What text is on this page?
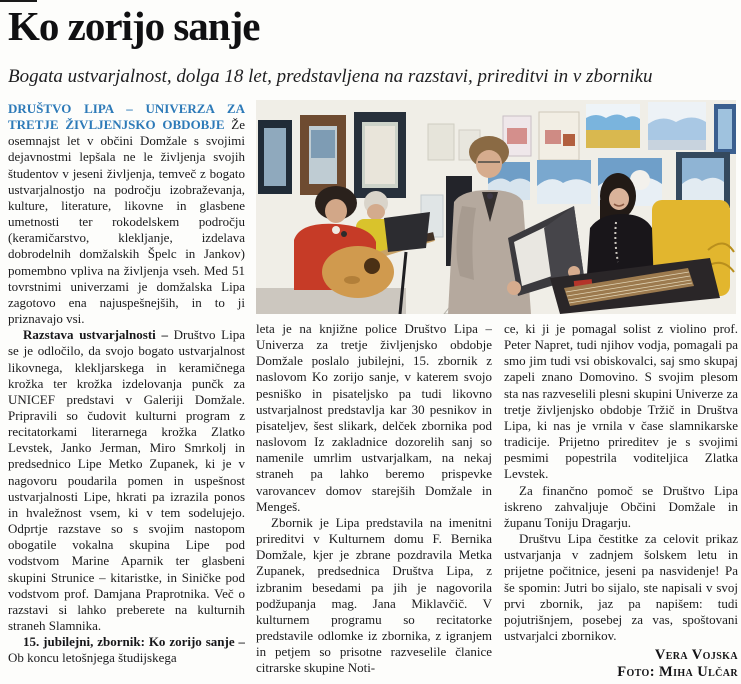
Ko zorijo sanje

Bogata ustvarjalnost, dolga 18 let, predstavljena na razstavi, prireditvi in v zborniku

DRUŠTVO LIPA – UNIVERZA ZA TRETJE ŽIVLJENJSKO OBDOBJE Že osemnajst let v občini Domžale s svojimi dejavnostmi lepšala ne le življenja svojih študentov v jeseni življenja, temveč z bogato ustvarjalnostjo na področju izobraževanja, kulture, literature, likovne in glasbene umetnosti ter rokodelskem področju (keramičarstvo, klekljanje, izdelava dobrodelnih domžalskih Špelc in Jankov) pomembno vpliva na življenja vseh. Med 51 tovrstnimi univerzami je domžalska Lipa zagotovo ena najuspešnejših, in to ji priznavajo vsi.

Razstava ustvarjalnosti – Društvo Lipa se je odločilo, da svojo bogato ustvarjalnost likovnega, klekljarskega in keramičnega krožka ter krožka izdelovanja punčk za UNICEF predstavi v Galeriji Domžale. Pripravili so čudovit kulturni program z recitatorkami literarnega krožka Zlatko Levstek, Janko Jerman, Miro Smrkolj in predsednico Lipe Metko Zupanek, ki je v nagovoru poudarila pomen in uspešnost ustvarjalnosti Lipe, hkrati pa izrazila ponos in hvaležnost vsem, ki v tem sodelujejo. Odprtje razstave so s svojim nastopom obogatile vokalna skupina Lipe pod vodstvom Marine Aparnik ter glasbeni skupini Strunice – kitaristke, in Siničke pod vodstvom prof. Damjana Praprotnika. Več o razstavi si lahko preberete na kulturnih straneh Slamnika.

15. jubilejni, zbornik: Ko zorijo sanje – Ob koncu letošnjega študijskega

leta je na knjižne police Društvo Lipa – Univerza za tretje življenjsko obdobje Domžale poslalo jubilejni, 15. zbornik z naslovom Ko zorijo sanje, v katerem svojo pesniško in pisateljsko pa tudi likovno ustvarjalnost predstavlja kar 30 pesnikov in pisateljev, šest slikark, delček zbornika pod naslovom Iz zakladnice dozorelih sanj so namenile umrlim ustvarjalkam, na nekaj straneh pa lahko beremo prispevke varovancev domov starejših Domžale in Mengeš.

Zbornik je Lipa predstavila na imenitni prireditvi v Kulturnem domu F. Bernika Domžale, kjer je zbrane pozdravila Metka Zupanek, predsednica Društva Lipa, z izbranim besedami pa jih je nagovorila podžupanja mag. Jana Miklavčič. V kulturnem programu so recitatorke predstavile odlomke iz zbornika, z igranjem in petjem so prisotne razveselile članice citrarske skupine Noti-

ce, ki ji je pomagal solist z violino prof. Peter Napret, tudi njihov vodja, pomagali pa smo jim tudi vsi obiskovalci, saj smo skupaj zapeli znano Domovino. S svojim plesom sta nas razveselili plesni skupini Univerze za tretje življenjsko obdobje Tržič in Društva Lipa, ki nas je vrnila v čase slamnikarske tradicije. Prijetno prireditev je s svojimi pesmimi popestrila voditeljica Zlatka Levstek.

Za finančno pomoč se Društvo Lipa iskreno zahvaljuje Občini Domžale in županu Toniju Dragarju.

Društvu Lipa čestitke za celovit prikaz ustvarjanja v zadnjem šolskem letu in prijetne počitnice, jeseni pa nasvidenje! Pa še spomin: Jutri bo sijalo, ste napisali v svoj prvi zbornik, jaz pa napišem: tudi pojutrišnjem, posebej za vas, spoštovani ustvarjalci zbornikov.

Vera Vojska
Foto: Miha Ulčar
